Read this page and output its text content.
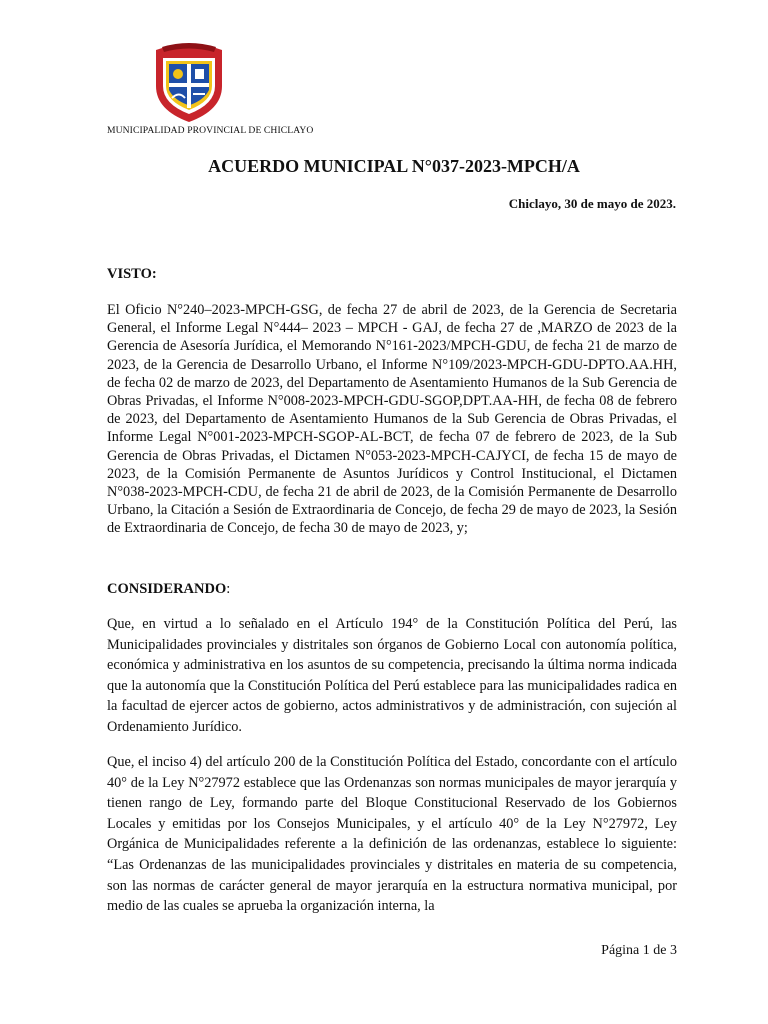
MUNICIPALIDAD PROVINCIAL DE CHICLAYO
ACUERDO MUNICIPAL N°037-2023-MPCH/A
Chiclayo, 30 de mayo de 2023.
VISTO:

El Oficio N°240–2023-MPCH-GSG, de fecha 27 de abril de 2023, de la Gerencia de Secretaria General, el Informe Legal N°444– 2023 – MPCH - GAJ, de fecha 27 de ,MARZO de 2023 de la Gerencia de Asesoría Jurídica, el Memorando N°161-2023/MPCH-GDU, de fecha 21 de marzo de 2023, de la Gerencia de Desarrollo Urbano, el Informe N°109/2023-MPCH-GDU-DPTO.AA.HH, de fecha 02 de marzo de 2023, del Departamento de Asentamiento Humanos de la Sub Gerencia de Obras Privadas, el Informe N°008-2023-MPCH-GDU-SGOP,DPT.AA-HH, de fecha 08 de febrero de 2023, del Departamento de Asentamiento Humanos de la Sub Gerencia de Obras Privadas, el Informe Legal N°001-2023-MPCH-SGOP-AL-BCT, de fecha 07 de febrero de 2023, de la Sub Gerencia de Obras Privadas, el Dictamen N°053-2023-MPCH-CAJYCI, de fecha 15 de mayo de 2023, de la Comisión Permanente de Asuntos Jurídicos y Control Institucional, el Dictamen N°038-2023-MPCH-CDU, de fecha 21 de abril de 2023, de la Comisión Permanente de Desarrollo Urbano, la Citación a Sesión de Extraordinaria de Concejo, de fecha 29 de mayo de 2023, la Sesión de Extraordinaria de Concejo, de fecha 30 de mayo de 2023, y;

CONSIDERANDO:

Que, en virtud a lo señalado en el Artículo 194° de la Constitución Política del Perú, las Municipalidades provinciales y distritales son órganos de Gobierno Local con autonomía política, económica y administrativa en los asuntos de su competencia, precisando la última norma indicada que la autonomía que la Constitución Política del Perú establece para las municipalidades radica en la facultad de ejercer actos de gobierno, actos administrativos y de administración, con sujeción al Ordenamiento Jurídico.

Que, el inciso 4) del artículo 200 de la Constitución Política del Estado, concordante con el artículo 40° de la Ley N°27972 establece que las Ordenanzas son normas municipales de mayor jerarquía y tienen rango de Ley, formando parte del Bloque Constitucional Reservado de los Gobiernos Locales y emitidas por los Consejos Municipales, y el artículo 40° de la Ley N°27972, Ley Orgánica de Municipalidades referente a la definición de las ordenanzas, establece lo siguiente: “Las Ordenanzas de las municipalidades provinciales y distritales en materia de su competencia, son las normas de carácter general de mayor jerarquía en la estructura normativa municipal, por medio de las cuales se aprueba la organización interna, la

Página 1 de 3
